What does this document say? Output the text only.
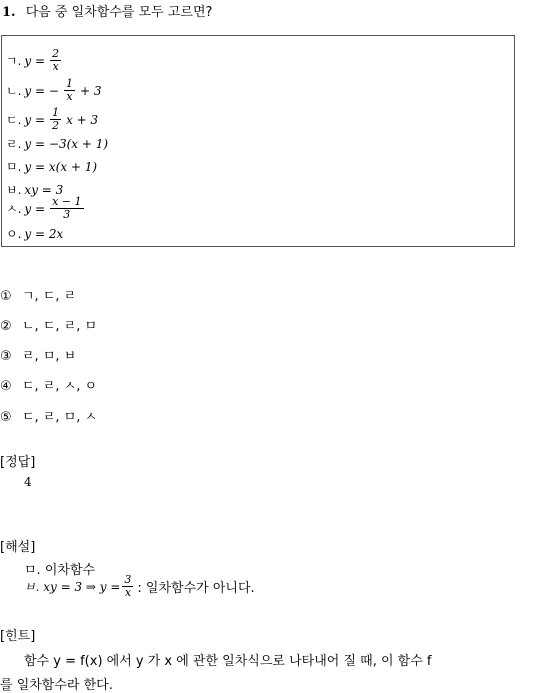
1. 다음 중 일차함수를 모두 고르면?
ㄱ. $y = \frac{2}{x}$
ㄴ. y = − $\frac{1}{x} + 3$
ㄷ. $y = \frac{1}{2}$ x + 3
ㄹ. y = −3(x + 1)
ㅁ. y = x(x + 1)
ㅂ. xy = 3
ㅅ. $y = \frac{x - 1}{3}$
ㅇ. y = 2x
① ㄱ, ㄷ, ㄹ
② ㄴ, ㄷ, ㄹ, ㅁ
③ ㄹ, ㅁ, ㅂ
④ ㄷ, ㄹ, ㅅ, ㅇ
⑤ ㄷ, ㄹ, ㅁ, ㅅ
[정답]
4
[해설]
ㅁ. 이차함수
ㅂ. xy = 3 ⇒ $y = \frac{3}{x}$ : 일차함수가 아니다.
[힌트]
함수 y = f(x) 에서 y 가 x 에 관한 일차식으로 나타내어 질 때, 이 함수 f
를 일차함수라 한다.
